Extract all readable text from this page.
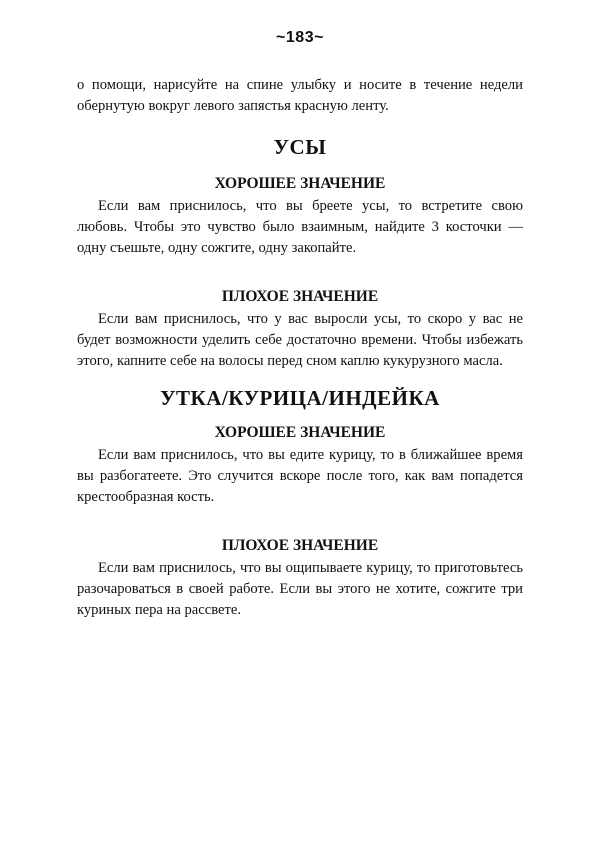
~183~

о помощи, нарисуйте на спине улыбку и носите в течение недели обернутую вокруг левого запястья красную ленту.

УСЫ
ХОРОШЕЕ ЗНАЧЕНИЕ

Если вам приснилось, что вы бреете усы, то встретите свою любовь. Чтобы это чувство было взаимным, найдите 3 косточки — одну съешьте, одну сожгите, одну закопайте.

ПЛОХОЕ ЗНАЧЕНИЕ

Если вам приснилось, что у вас выросли усы, то скоро у вас не будет возможности уделить себе достаточно времени. Чтобы избежать этого, капните себе на волосы перед сном каплю кукурузного масла.

УТКА/КУРИЦА/ИНДЕЙКА
ХОРОШЕЕ ЗНАЧЕНИЕ

Если вам приснилось, что вы едите курицу, то в ближайшее время вы разбогатеете. Это случится вскоре после того, как вам попадется крестообразная кость.

ПЛОХОЕ ЗНАЧЕНИЕ

Если вам приснилось, что вы ощипываете курицу, то приготовьтесь разочароваться в своей работе. Если вы этого не хотите, сожгите три куриных пера на рассвете.
